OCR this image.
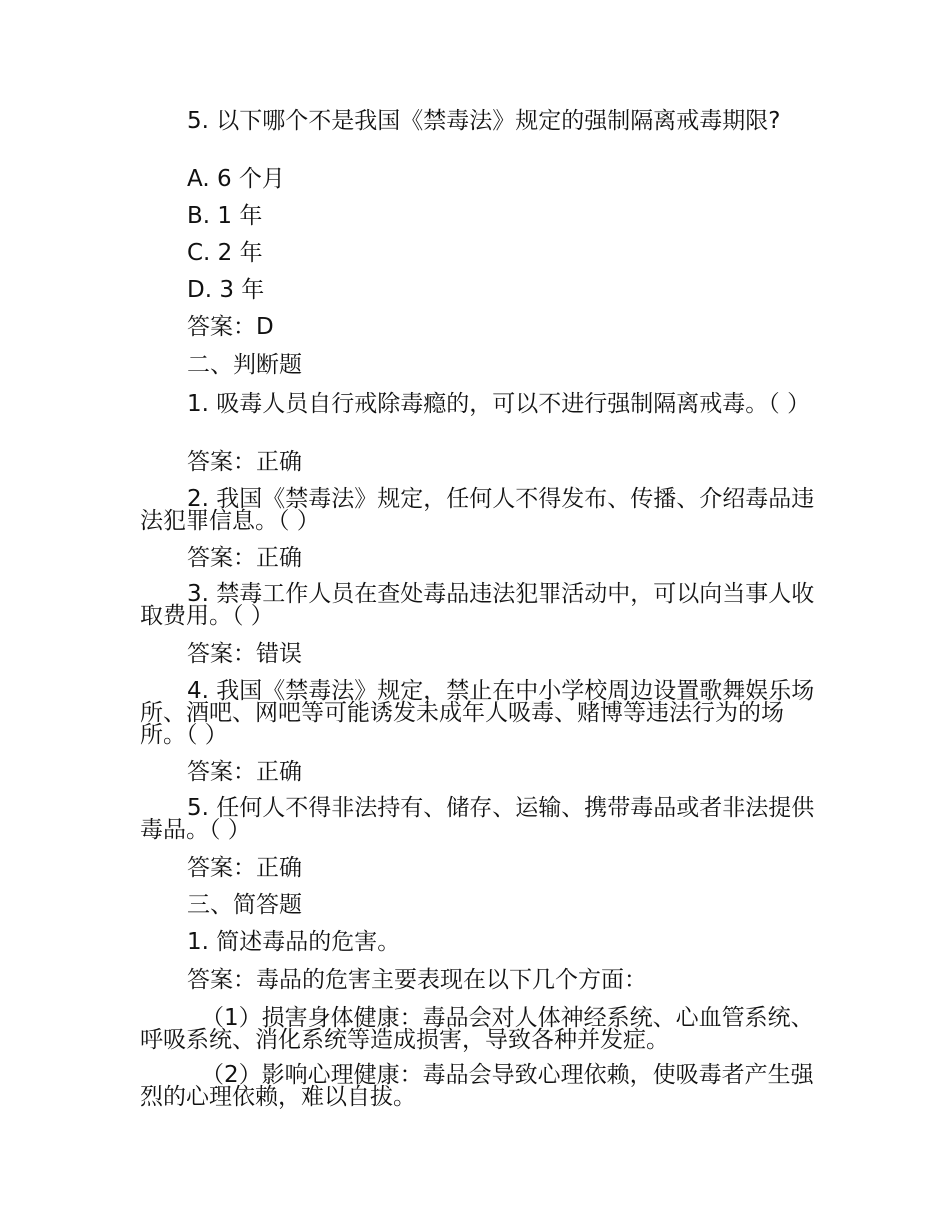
5. 以下哪个不是我国《禁毒法》规定的强制隔离戒毒期限?

A. 6 个月

B. 1 年

C. 2 年

D. 3 年

答案：D

二、判断题

1. 吸毒人员自行戒除毒瘾的，可以不进行强制隔离戒毒。（ ）

答案：正确

2. 我国《禁毒法》规定，任何人不得发布、传播、介绍毒品违法犯罪信息。（ ）

答案：正确

3. 禁毒工作人员在查处毒品违法犯罪活动中，可以向当事人收取费用。（ ）

答案：错误

4. 我国《禁毒法》规定，禁止在中小学校周边设置歌舞娱乐场所、酒吧、网吧等可能诱发未成年人吸毒、赌博等违法行为的场所。（ ）

答案：正确

5. 任何人不得非法持有、储存、运输、携带毒品或者非法提供毒品。（ ）

答案：正确

三、简答题

1. 简述毒品的危害。

答案：毒品的危害主要表现在以下几个方面：

（1）损害身体健康：毒品会对人体神经系统、心血管系统、呼吸系统、消化系统等造成损害，导致各种并发症。

（2）影响心理健康：毒品会导致心理依赖，使吸毒者产生强烈的心理依赖，难以自拔。
